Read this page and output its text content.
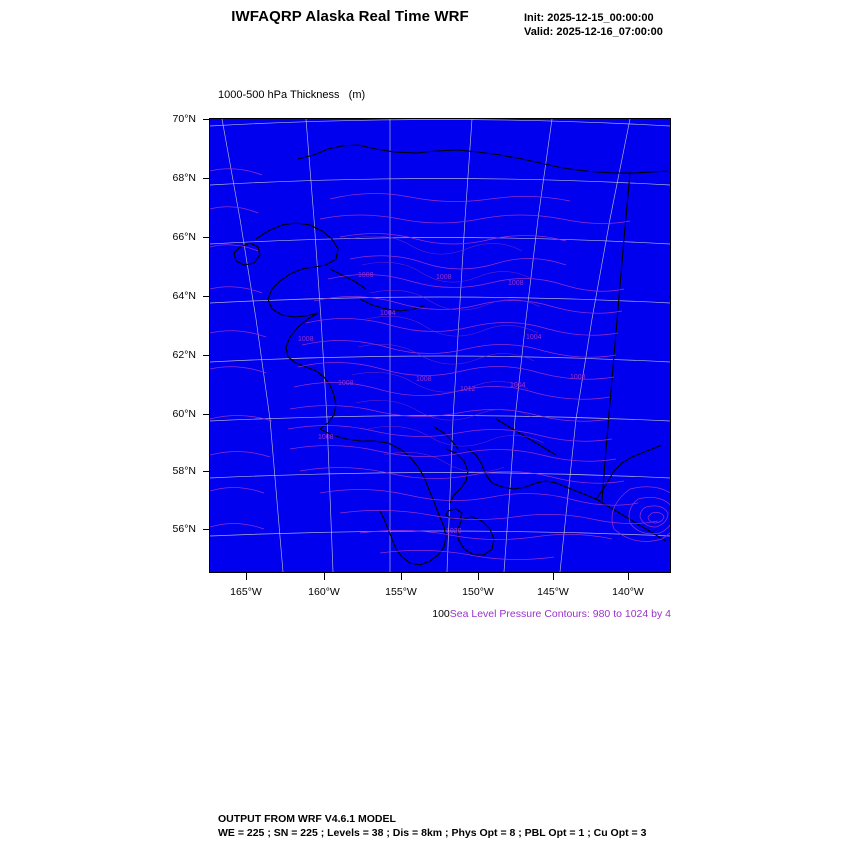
IWFAQRP Alaska Real Time WRF	Init: 2025-12-15_00:00:00
Valid: 2025-12-16_07:00:00

1000-500 hPa Thickness   (m)

70°N
68°N
66°N
64°N
62°N
60°N
58°N
56°N
165°W	160°W	155°W	150°W	145°W	140°W
1008	1008
1008
1004
1008	1004
1008
1008
1012
1004
1008
1008
1020
100Sea Level Pressure Contours: 980 to 1024 by 4
OUTPUT FROM WRF V4.6.1 MODEL
WE = 225 ; SN = 225 ; Levels = 38 ; Dis = 8km ; Phys Opt = 8 ; PBL Opt = 1 ; Cu Opt = 3
